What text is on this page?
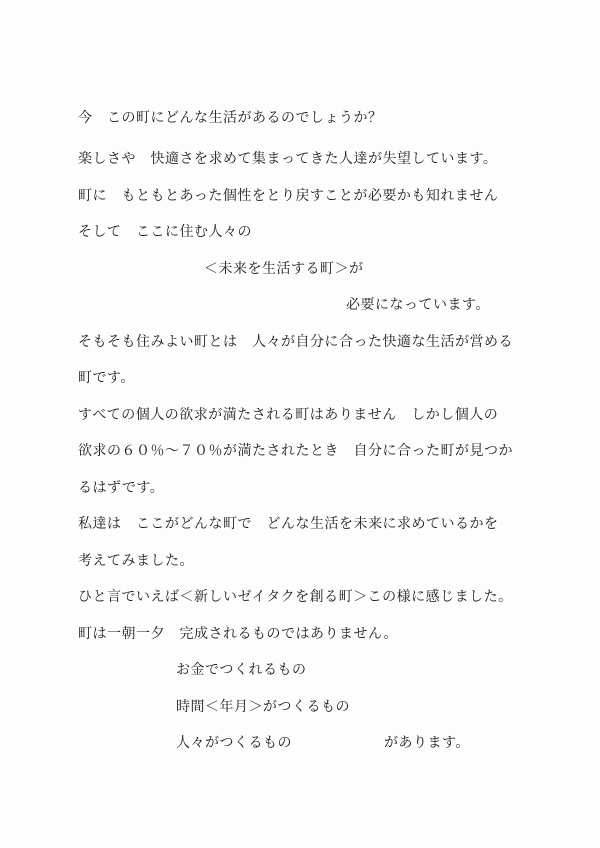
今　この町にどんな生活があるのでしょうか？
楽しさや　快適さを求めて集まってきた人達が失望しています。
町に　もともとあった個性をとり戻すことが必要かも知れません
そして　ここに住む人々の
＜未来を生活する町＞が
必要になっています。
そもそも住みよい町とは　人々が自分に合った快適な生活が営める
町です。
すべての個人の欲求が満たされる町はありません　しかし個人の
欲求の６０％～７０％が満たされたとき　自分に合った町が見つか
るはずです。
私達は　ここがどんな町で　どんな生活を未来に求めているかを
考えてみました。
ひと言でいえば＜新しいゼイタクを創る町＞この様に感じました。
町は一朝一夕　完成されるものではありません。
お金でつくれるもの
時間＜年月＞がつくるもの
人々がつくるもの	があります。
